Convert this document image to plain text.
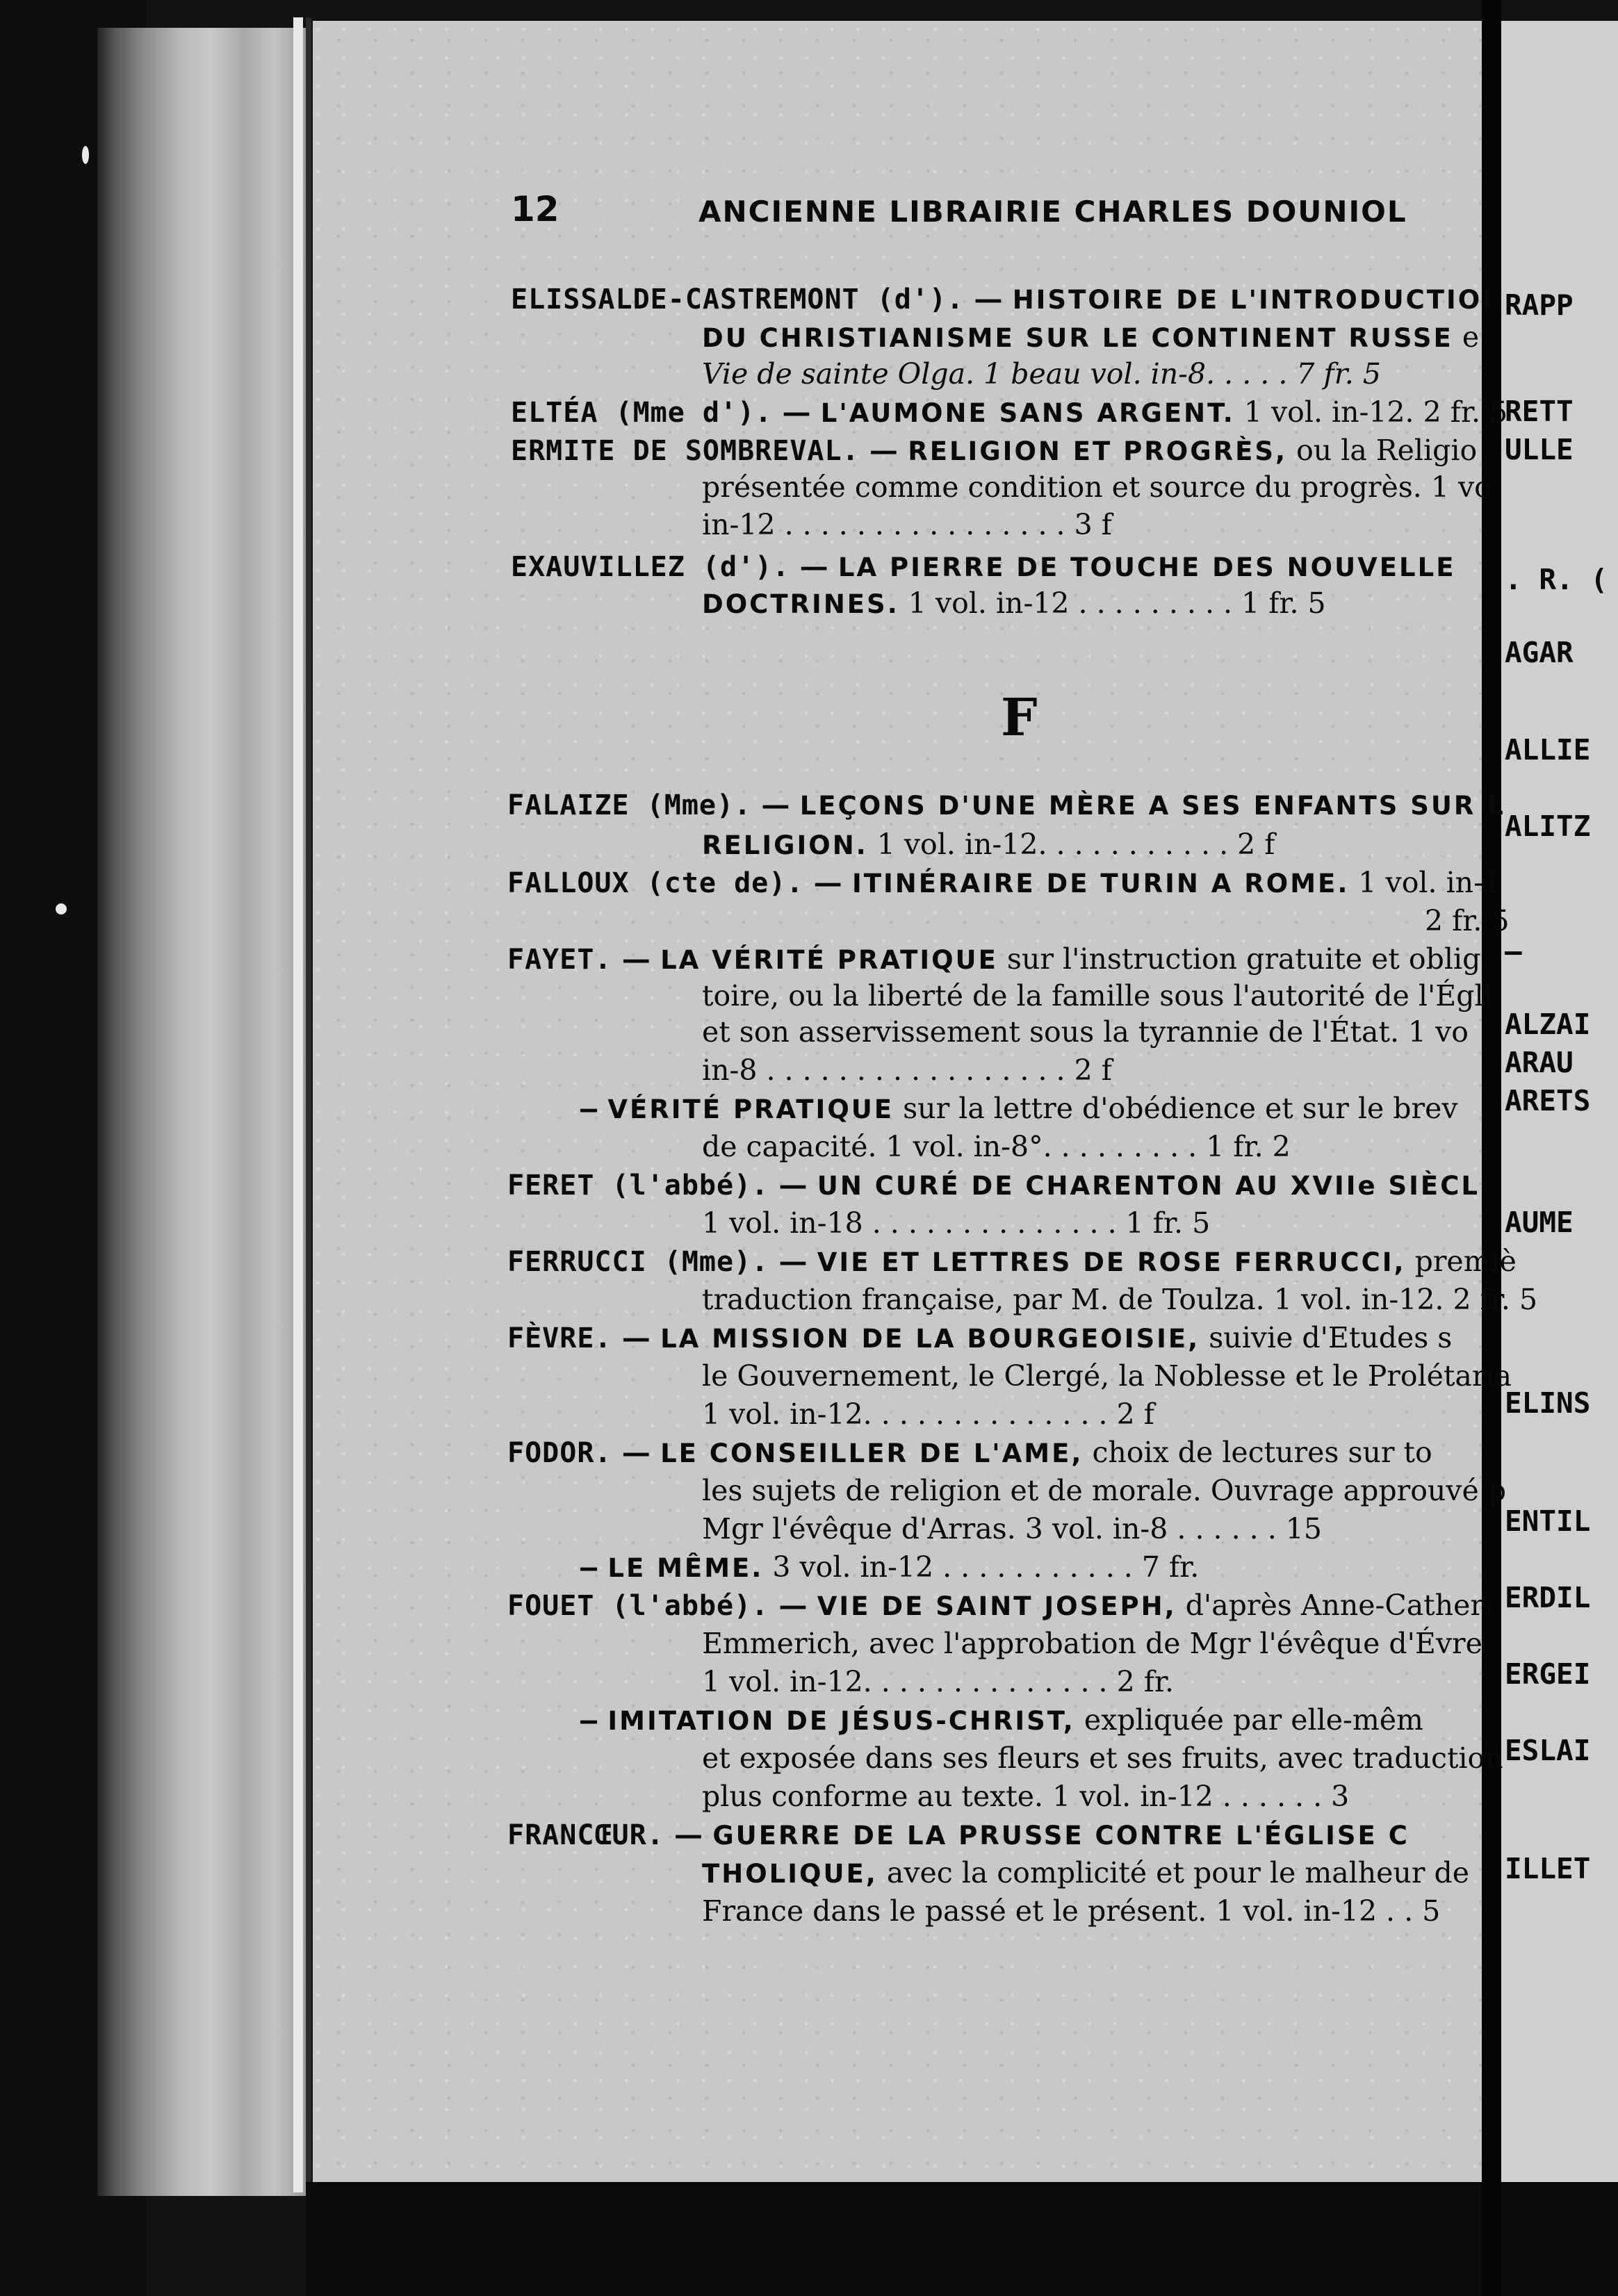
12	ANCIENNE LIBRAIRIE CHARLES DOUNIOL
F
ELISSALDE-CASTREMONT (d'). — HISTOIRE DE L'INTRODUCTIOI
DU CHRISTIANISME SUR LE CONTINENT RUSSE e
Vie de sainte Olga. 1 beau vol. in-8. . . . . 7 fr. 5
ELTÉA (Mme d'). — L'AUMONE SANS ARGENT. 1 vol. in-12. 2 fr. 5
ERMITE DE SOMBREVAL. — RELIGION ET PROGRÈS, ou la Religio
présentée comme condition et source du progrès. 1 vo
in-12 . . . . . . . . . . . . . . . . 3 f
EXAUVILLEZ (d'). — LA PIERRE DE TOUCHE DES NOUVELLE
DOCTRINES. 1 vol. in-12 . . . . . . . . . 1 fr. 5
FALAIZE (Mme). — LEÇONS D'UNE MÈRE A SES ENFANTS SUR L
RELIGION. 1 vol. in-12. . . . . . . . . . . 2 f
FALLOUX (cte de). — ITINÉRAIRE DE TURIN A ROME. 1 vol. in-1
2 fr. 5
FAYET. — LA VÉRITÉ PRATIQUE sur l'instruction gratuite et oblig
toire, ou la liberté de la famille sous l'autorité de l'Égli
et son asservissement sous la tyrannie de l'État. 1 vo
in-8 . . . . . . . . . . . . . . . . . 2 f
— VÉRITÉ PRATIQUE sur la lettre d'obédience et sur le brev
de capacité. 1 vol. in-8°. . . . . . . . . 1 fr. 2
FERET (l'abbé). — UN CURÉ DE CHARENTON AU XVIIe SIÈCL
1 vol. in-18 . . . . . . . . . . . . . . 1 fr. 5
FERRUCCI (Mme). — VIE ET LETTRES DE ROSE FERRUCCI, premiè
traduction française, par M. de Toulza. 1 vol. in-12. 2 fr. 5
FÈVRE. — LA MISSION DE LA BOURGEOISIE, suivie d'Etudes s
le Gouvernement, le Clergé, la Noblesse et le Prolétaria
1 vol. in-12. . . . . . . . . . . . . . 2 f
FODOR. — LE CONSEILLER DE L'AME, choix de lectures sur to
les sujets de religion et de morale. Ouvrage approuvé p
Mgr l'évêque d'Arras. 3 vol. in-8 . . . . . . 15
— LE MÊME. 3 vol. in-12 . . . . . . . . . . . 7 fr.
FOUET (l'abbé). — VIE DE SAINT JOSEPH, d'après Anne-Catheri
Emmerich, avec l'approbation de Mgr l'évêque d'Évre
1 vol. in-12. . . . . . . . . . . . . . 2 fr.
— IMITATION DE JÉSUS-CHRIST, expliquée par elle-mêm
et exposée dans ses fleurs et ses fruits, avec traduction
plus conforme au texte. 1 vol. in-12 . . . . . . 3
FRANCŒUR. — GUERRE DE LA PRUSSE CONTRE L'ÉGLISE C
THOLIQUE, avec la complicité et pour le malheur de
France dans le passé et le présent. 1 vol. in-12 . . 5
RAPP
RETT
ULLE
. R. (
AGAR
ALLIE
ALITZ
—
ALZAI
ARAU
ARETS
AUME
ELINS
ENTIL
ERDIL
ERGEI
ESLAI
ILLET
